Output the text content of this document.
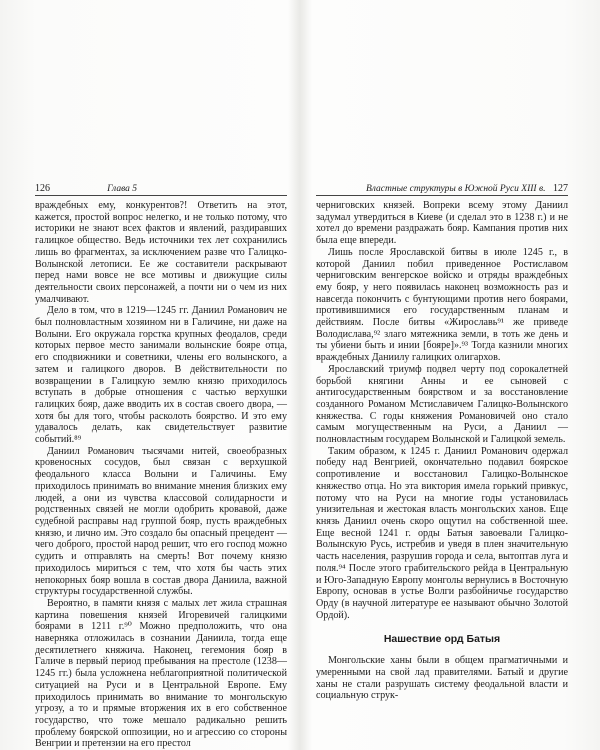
126	Глава 5

враждебных ему, конкурентов?! Ответить на этот, кажется, простой вопрос нелегко, и не только потому, что историки не знают всех фактов и явлений, раздиравших галицкое общество. Ведь источники тех лет сохранились лишь во фрагментах, за исключением разве что Галицко-Волынской летописи. Ее же составители раскрывают перед нами вовсе не все мотивы и движущие силы деятельности своих персонажей, а почти ни о чем из них умалчивают.

Дело в том, что в 1219—1245 гг. Даниил Романович не был полновластным хозяином ни в Галичине, ни даже на Волыни. Его окружала горстка крупных феодалов, среди которых первое место занимали волынские бояре отца, его сподвижники и советники, члены его волынского, а затем и галицкого дворов. В действительности по возвращении в Галицкую землю князю приходилось вступать в добрые отношения с частью верхушки галицких бояр, даже вводить их в состав своего двора, — хотя бы для того, чтобы расколоть боярство. И это ему удавалось делать, как свидетельствует развитие событий.⁸⁹

Даниил Романович тысячами нитей, своеобразных кровеносных сосудов, был связан с верхушкой феодального класса Волыни и Галичины. Ему приходилось принимать во внимание мнения близких ему людей, а они из чувства классовой солидарности и родственных связей не могли одобрить кровавой, даже судебной расправы над группой бояр, пусть враждебных князю, и лично им. Это создало бы опасный прецедент — чего доброго, простой народ решит, что его господ можно судить и отправлять на смерть! Вот почему князю приходилось мириться с тем, что хотя бы часть этих непокорных бояр вошла в состав двора Даниила, важной структуры государственной службы.

Вероятно, в памяти князя с малых лет жила страшная картина повешения князей Игоревичей галицкими боярами в 1211 г.⁹⁰ Можно предположить, что она наверняка отложилась в сознании Даниила, тогда еще десятилетнего княжича. Наконец, гегемония бояр в Галиче в первый период пребывания на престоле (1238—1245 гг.) была усложнена неблагоприятной политической ситуацией на Руси и в Центральной Европе. Ему приходилось принимать во внимание то монгольскую угрозу, а то и прямые вторжения их в его собственное государство, что тоже мешало радикально решить проблему боярской оппозиции, но и агрессию со стороны Венгрии и претензии на его престол

Властные структуры в Южной Руси XIII в. 127

черниговских князей. Вопреки всему этому Даниил задумал утвердиться в Киеве (и сделал это в 1238 г.) и не хотел до времени раздражать бояр. Кампания против них была еще впереди.

Лишь после Ярославской битвы в июле 1245 г., в которой Даниил побил приведенное Ростиславом черниговским венгерское войско и отряды враждебных ему бояр, у него появилась наконец возможность раз и навсегда покончить с бунтующими против него боярами, противившимися его государственным планам и действиям. После битвы «Жирославь⁹¹ же приведе Володислава,⁹² злаго мятежника земли, в тоть же день и ты убиени быть и инии [бояре]».⁹³ Тогда казнили многих враждебных Даниилу галицких олигархов.

Ярославский триумф подвел черту под сорокалетней борьбой княгини Анны и ее сыновей с антигосударственным боярством и за восстановление созданного Романом Мстиславичем Галицко-Волынского княжества. С годы княжения Романовичей оно стало самым могущественным на Руси, а Даниил — полновластным государем Волынской и Галицкой земель.

Таким образом, к 1245 г. Даниил Романович одержал победу над Венгрией, окончательно подавил боярское сопротивление и восстановил Галицко-Волынское княжество отца. Но эта виктория имела горький привкус, потому что на Руси на многие годы установилась унизительная и жестокая власть монгольских ханов. Еще князь Даниил очень скоро ощутил на собственной шее. Еще весной 1241 г. орды Батыя завоевали Галицко-Волынскую Русь, истребив и уведя в плен значительную часть населения, разрушив города и села, вытоптав луга и поля.⁹⁴ После этого грабительского рейда в Центральную и Юго-Западную Европу монголы вернулись в Восточную Европу, основав в устье Волги разбойничье государство Орду (в научной литературе ее называют обычно Золотой Ордой).

Нашествие орд Батыя

Монгольские ханы были в общем прагматичными и умеренными на свой лад правителями. Батый и другие ханы не стали разрушать систему феодальной власти и социальную струк-
